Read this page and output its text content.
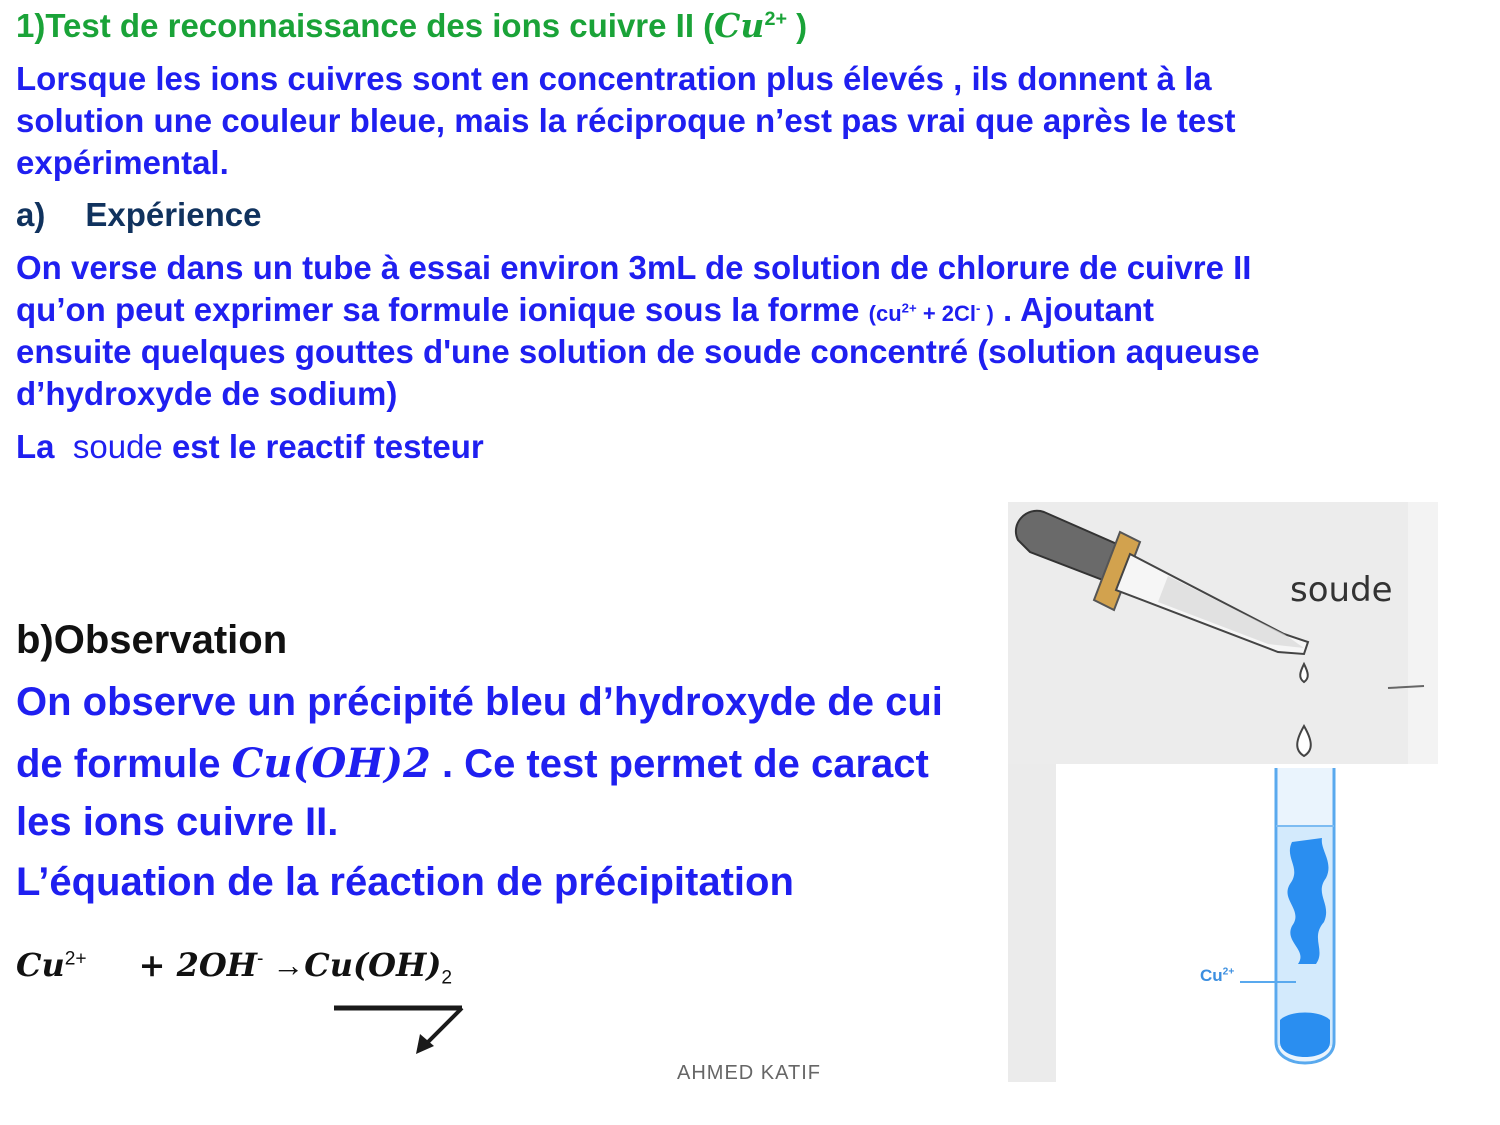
1)Test de reconnaissance des ions cuivre II ($Cu^{2+}$ )
Lorsque les ions cuivres sont en concentration plus élevés , ils donnent à la
solution une couleur bleue, mais la réciproque n’est pas vrai que après le test
expérimental.
a) Expérience
On verse dans un tube à essai environ 3mL de solution de chlorure de cuivre II
qu’on peut exprimer sa formule ionique sous la forme ($cu^{2+} + 2Cl^-$ ) . Ajoutant
ensuite quelques gouttes d'une solution de soude concentré (solution aqueuse
d’hydroxyde de sodium)
La soude est le reactif testeur
soude
$Cu^{2+}$
b)Observation
On observe un précipité bleu d’hydroxyde de cui
de formule Cu(OH)2 . Ce test permet de caract
les ions cuivre II.
L’équation de la réaction de précipitation
$Cu^{2+} + 2OH^- \to Cu(OH)_2$
AHMED KATIF
